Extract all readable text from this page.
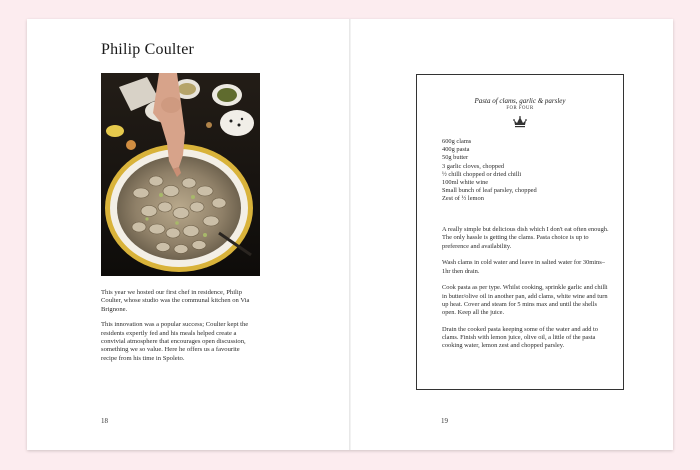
Philip Coulter

This year we hosted our first chef in residence, Philip Coulter, whose studio was the communal kitchen on Via Brignone.

This innovation was a popular success; Coulter kept the residents expertly fed and his meals helped create a convivial atmosphere that encourages open discussion, something we so value. Here he offers us a favourite recipe from his time in Spoleto.

18
Pasta of clams, garlic & parsley
FOR FOUR
600g clams
400g pasta
50g butter
3 garlic cloves, chopped
½ chilli chopped or dried chilli
100ml white wine
Small bunch of leaf parsley, chopped
Zest of ½ lemon

A really simple but delicious dish which I don't eat often enough. The only hassle is getting the clams. Pasta choice is up to preference and availability.

Wash clams in cold water and leave in salted water for 30mins–1hr then drain.

Cook pasta as per type. Whilst cooking, sprinkle garlic and chilli in butter/olive oil in another pan, add clams, white wine and turn up heat. Cover and steam for 5 mins max and until the shells open. Keep all the juice.

Drain the cooked pasta keeping some of the water and add to clams. Finish with lemon juice, olive oil, a little of the pasta cooking water, lemon zest and chopped parsley.

19
